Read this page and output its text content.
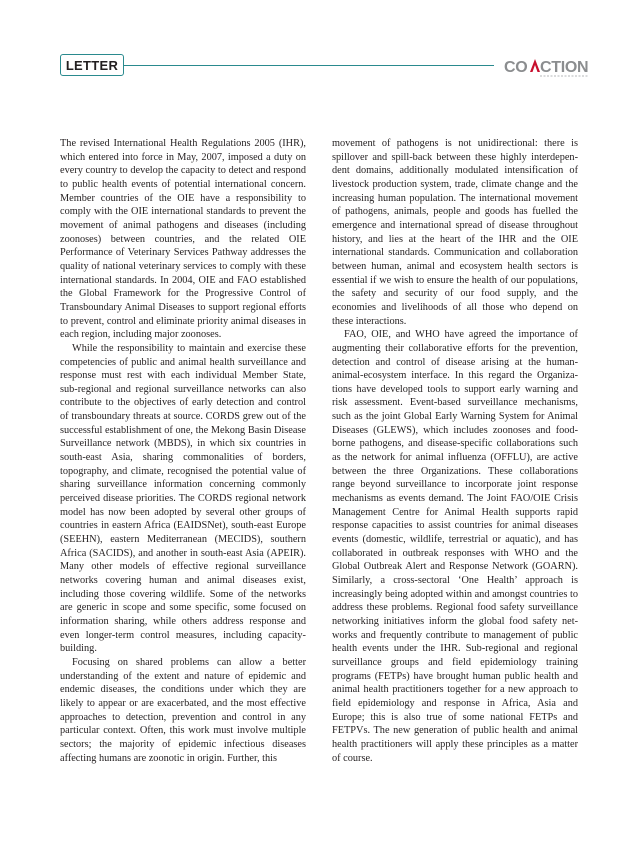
LETTER	CO CTION

The revised International Health Regulations 2005 (IHR), which entered into force in May, 2007, imposed a duty on every country to develop the capacity to detect and respond to public health events of potential international concern. Member countries of the OIE have a responsibility to comply with the OIE international standards to prevent the movement of animal pathogens and diseases (including zoonoses) between countries, and the related OIE Performance of Veterinary Services Pathway addresses the quality of national veterinary services to comply with these international standards. In 2004, OIE and FAO established the Global Framework for the Progressive Control of Transboundary Animal Diseases to support regional efforts to prevent, control and eliminate priority animal diseases in each region, including major zoonoses.

While the responsibility to maintain and exercise these competencies of public and animal health surveillance and response must rest with each individual Member State, sub-regional and regional surveillance networks can also contribute to the objectives of early detection and control of transboundary threats at source. CORDS grew out of the successful establishment of one, the Mekong Basin Disease Surveillance network (MBDS), in which six countries in south-east Asia, sharing commonalities of borders, topography, and climate, recognised the potential value of sharing surveillance information concerning commonly perceived disease priorities. The CORDS regional network model has now been adopted by several other groups of countries in eastern Africa (EAIDSNet), south-east Europe (SEEHN), eastern Mediterranean (MECIDS), southern Africa (SACIDS), and another in south-east Asia (APEIR). Many other models of effective regional surveillance networks covering human and animal diseases exist, including those covering wildlife. Some of the networks are generic in scope and some specific, some focused on information sharing, while others address response and even longer-term control measures, including capacity-building.

Focusing on shared problems can allow a better understanding of the extent and nature of epidemic and endemic diseases, the conditions under which they are likely to appear or are exacerbated, and the most effective approaches to detection, prevention and control in any particular context. Often, this work must involve multiple sectors; the majority of epidemic infectious diseases affecting humans are zoonotic in origin. Further, this

movement of pathogens is not unidirectional: there is spillover and spill-back between these highly interdependent domains, additionally modulated intensification of livestock production system, trade, climate change and the increasing human population. The international movement of pathogens, animals, people and goods has fuelled the emergence and international spread of disease throughout history, and lies at the heart of the IHR and the OIE international standards. Communication and collaboration between human, animal and ecosystem health sectors is essential if we wish to ensure the health of our populations, the safety and security of our food supply, and the economies and livelihoods of all those who depend on these interactions.

FAO, OIE, and WHO have agreed the importance of augmenting their collaborative efforts for the prevention, detection and control of disease arising at the human-animal-ecosystem interface. In this regard the Organizations have developed tools to support early warning and risk assessment. Event-based surveillance mechanisms, such as the joint Global Early Warning System for Animal Diseases (GLEWS), which includes zoonoses and food-borne pathogens, and disease-specific collaborations such as the network for animal influenza (OFFLU), are active between the three Organizations. These collaborations range beyond surveillance to incorporate joint response mechanisms as events demand. The Joint FAO/OIE Crisis Management Centre for Animal Health supports rapid response capacities to assist countries for animal diseases events (domestic, wildlife, terrestrial or aquatic), and has collaborated in outbreak responses with WHO and the Global Outbreak Alert and Response Network (GOARN). Similarly, a cross-sectoral ‘One Health’ approach is increasingly being adopted within and amongst countries to address these problems. Regional food safety surveillance networking initiatives inform the global food safety networks and frequently contribute to management of public health events under the IHR. Sub-regional and regional surveillance groups and field epidemiology training programs (FETPs) have brought human public health and animal health practitioners together for a new approach to field epidemiology and response in Africa, Asia and Europe; this is also true of some national FETPs and FETPVs. The new generation of public health and animal health practitioners will apply these principles as a matter of course.
